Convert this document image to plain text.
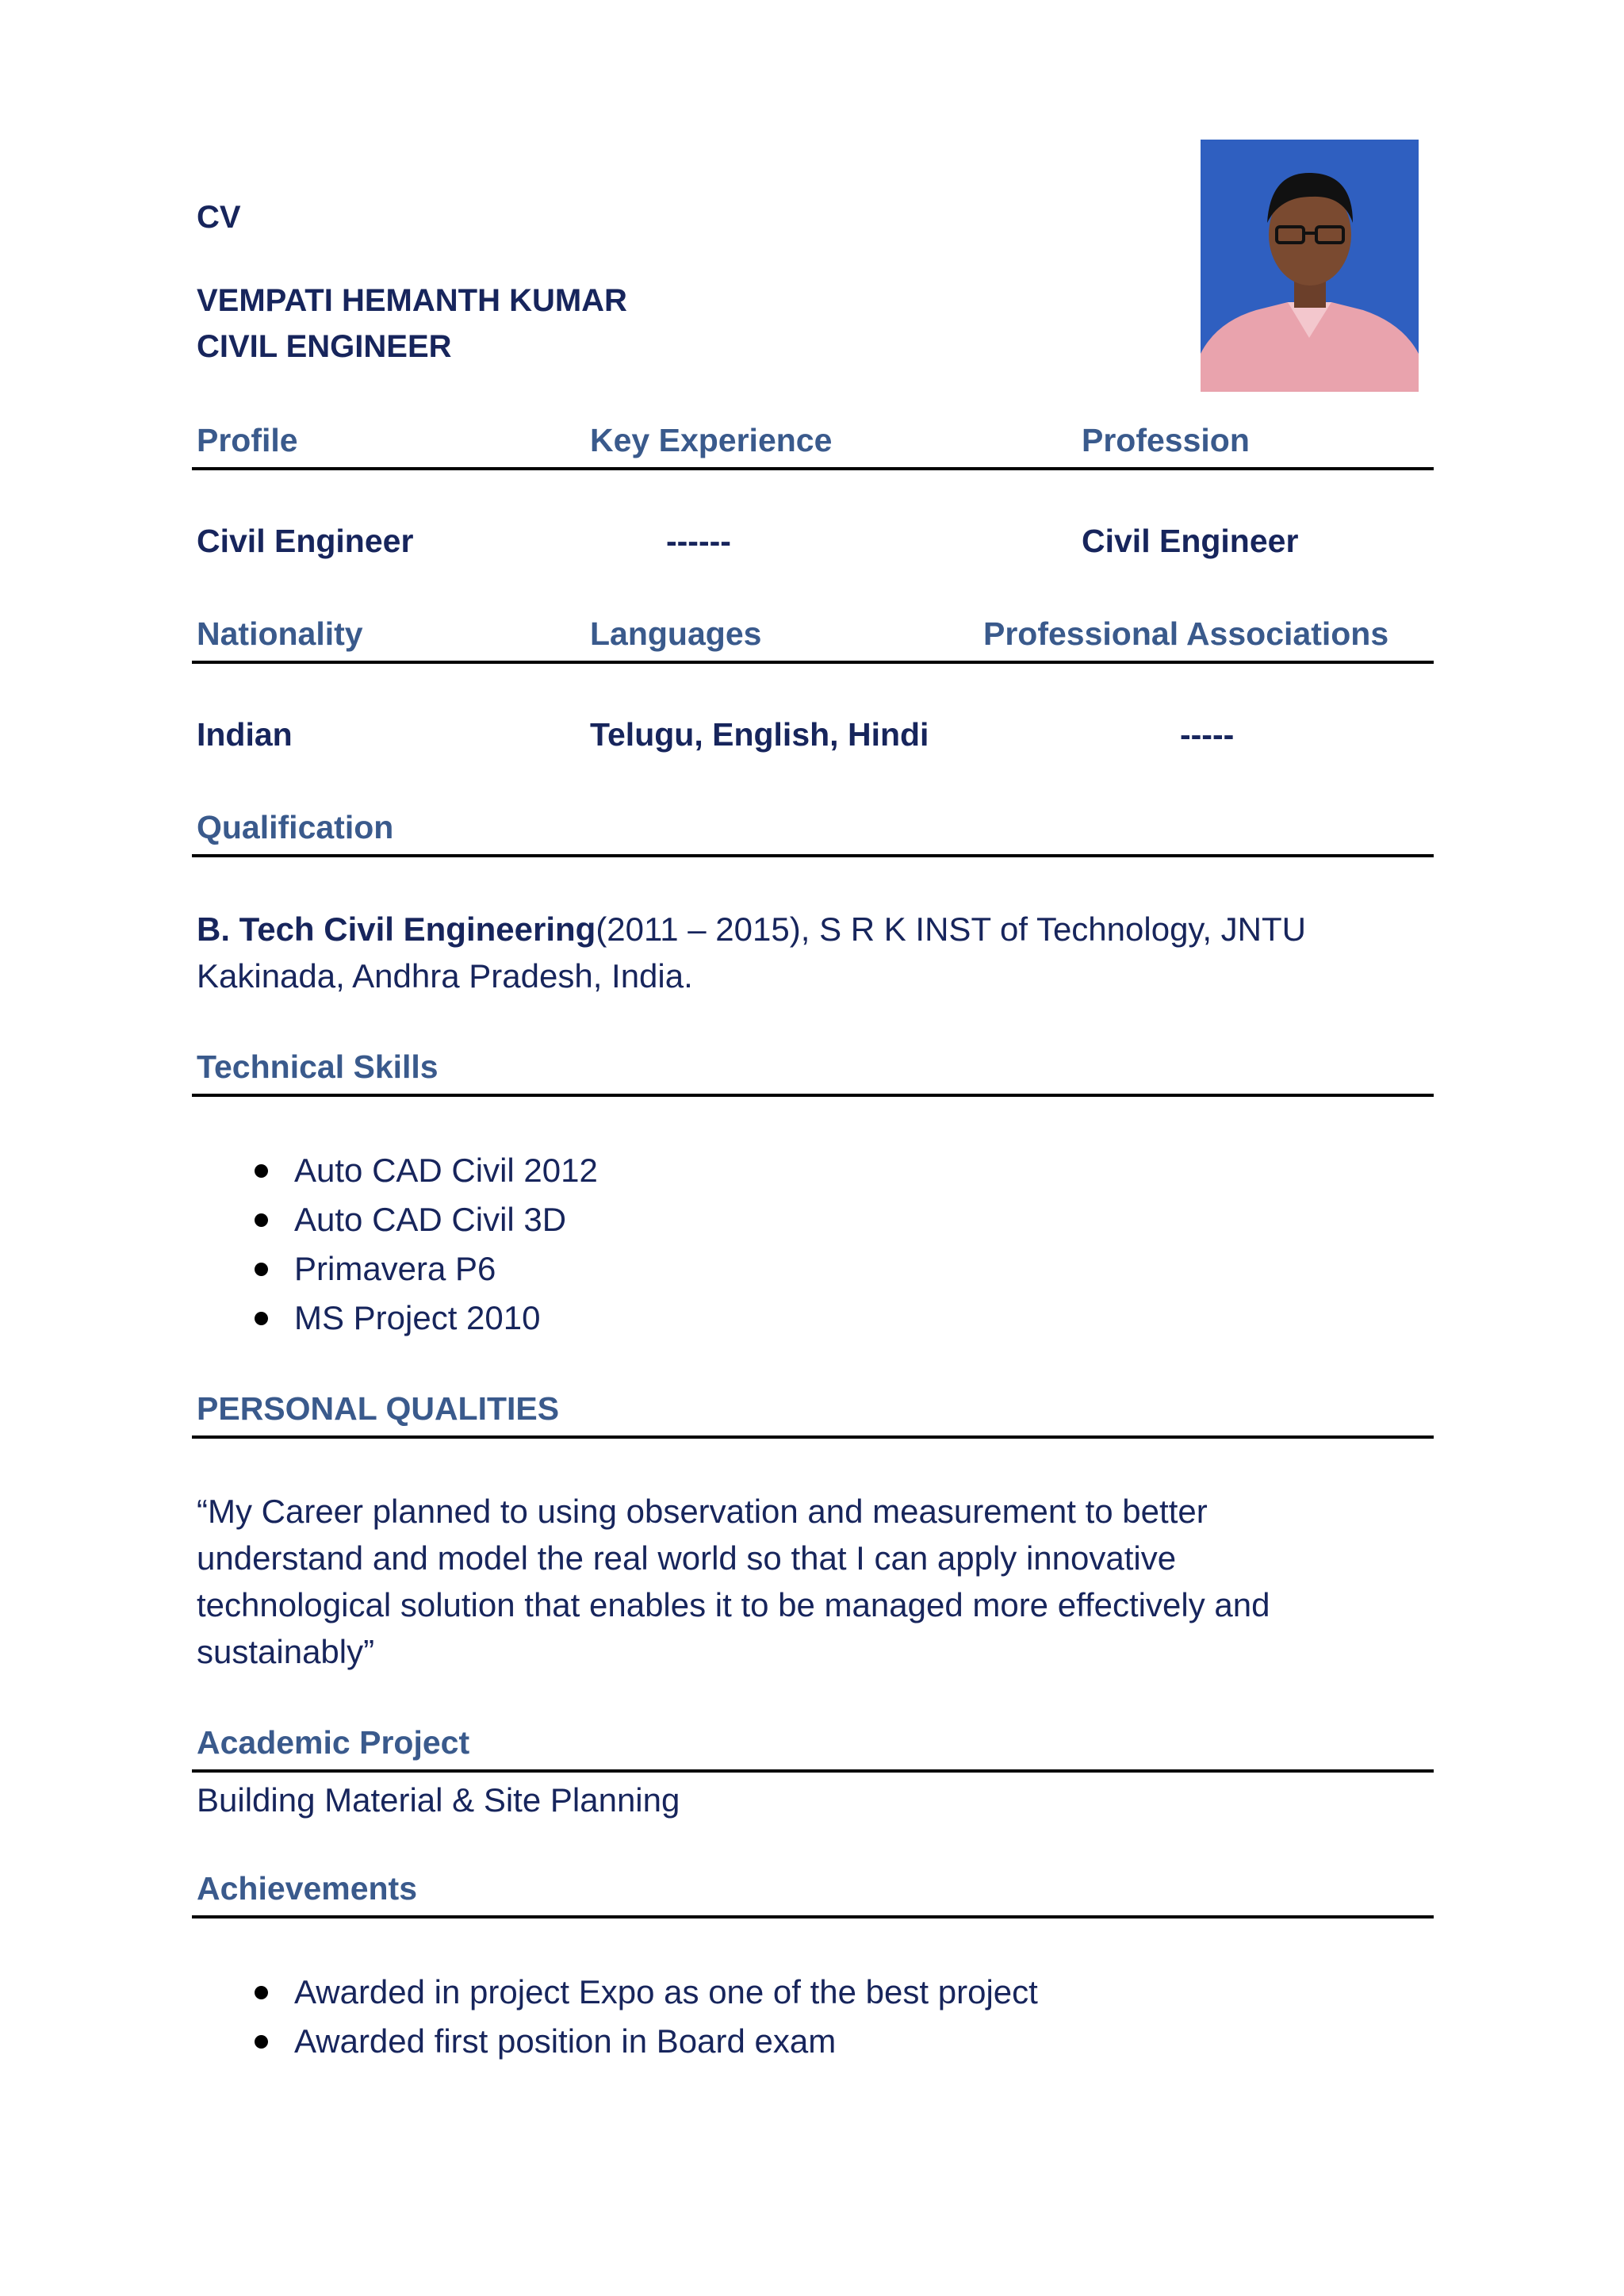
CV
VEMPATI HEMANTH KUMAR
CIVIL ENGINEER
Profile	Key Experience	Profession
Civil Engineer	------	Civil Engineer
Nationality	Languages	Professional Associations
Indian	Telugu, English, Hindi	-----
Qualification
B. Tech Civil Engineering(2011 – 2015), S R K INST of Technology, JNTU
Kakinada, Andhra Pradesh, India.
Technical Skills
Auto CAD Civil 2012
Auto CAD Civil 3D
Primavera P6
MS Project 2010
PERSONAL QUALITIES
“My Career planned to using observation and measurement to better
understand and model the real world so that I can apply innovative
technological solution that enables it to be managed more effectively and
sustainably”
Academic Project
Building Material & Site Planning
Achievements
Awarded in project Expo as one of the best project
Awarded first position in Board exam
